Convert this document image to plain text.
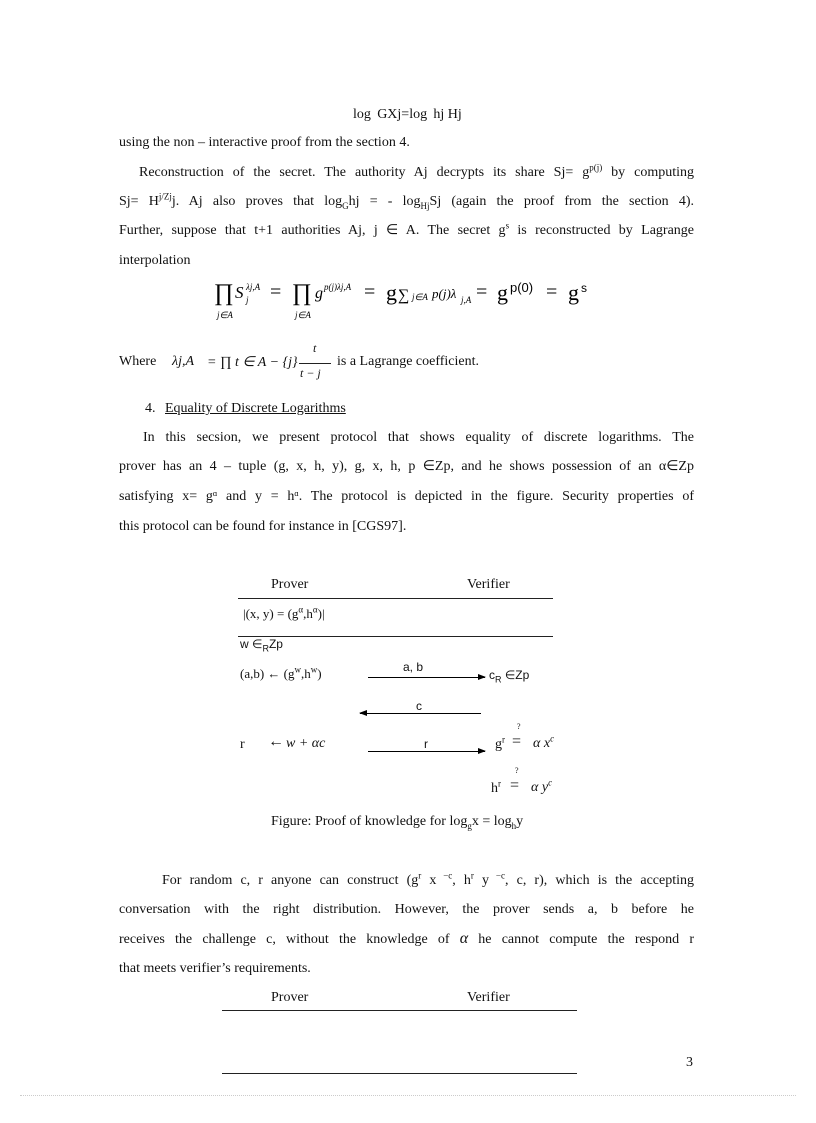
log  GXj=log  hj Hj
using the non – interactive proof from the section 4.
Reconstruction of the secret. The authority Aj decrypts its share $Sj= g^{p(j)}$ by computing
$Sj= H^{j/Zj}j$. Aj also proves that $\log_Ghj$ = - $\log_{Hj}Sj$ (again the proof from the section 4).
Further, suppose that t+1 authorities Aj, j ∈ A. The secret $g^s$ is reconstructed by Lagrange
interpolation
∏
j∈A
S λj,A
j = ∏
j∈A
g p(j)λj,A = g ∑ j∈A p(j)λ j,A = g p(0) = g s
Where λj,A = ∏ t ∈ A − {j}
t
t − j
is a Lagrange coefficient.
4. Equality of Discrete Logarithms
In this secsion, we present protocol that shows equality of discrete logarithms. The
prover has an 4 – tuple (g, x, h, y), g, x, h, p ∈Zp, and he shows possession of an α∈Zp
satisfying x= gᵅ and y = hᵅ. The protocol is depicted in the figure. Security properties of
this protocol can be found for instance in [CGS97].
Prover	Verifier
|(x, $y) = (g^\alpha,h^\alpha)|$
w $\in_RZp$
(a,b) ← $(g^w,h^w)$	a, b
$c_R$ ∈Zp
c
r ← w + αc	r	$g^r$
?
= α $x^c$
$h^r$
?
= α $y^c$
Figure: Proof of knowledge for $\log_gx = \log_hy$
For random c, r anyone can construct ($g^r$ x $^{-c}$, $h^r$ y $^{-c}$, c, r), which is the accepting
conversation with the right distribution. However, the prover sends a, b before he
receives the challenge c, without the knowledge of α he cannot compute the respond r
that meets verifier’s requirements.
Prover	Verifier
3
